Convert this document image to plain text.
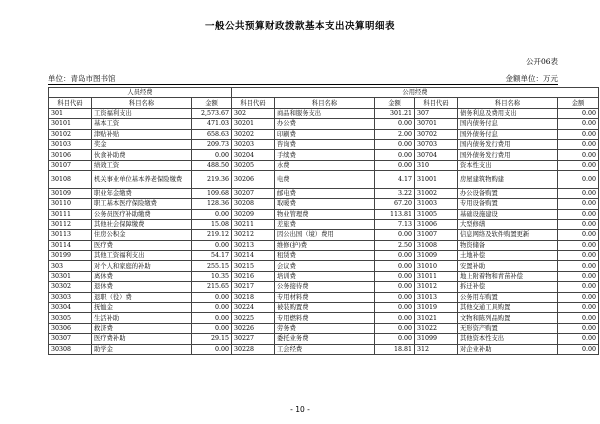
一般公共预算财政拨款基本支出决算明细表
公开06表
单位：青岛市图书馆	金额单位：万元
人员经费			公用经费					
科目代码	科目名称	金额	科目代码	科目名称	金额	科目代码	科目名称	金额
301	工资福利支出	2,573.67	302	商品和服务支出	301.21	307	债务利息及费用支出	0.00
30101	基本工资	471.03	30201	办公费	0.00	30701	国内债务付息	0.00
30102	津贴补贴	658.63	30202	印刷费	2.00	30702	国外债务付息	0.00
30103	奖金	209.73	30203	咨询费	0.00	30703	国内债务发行费用	0.00
30106	伙食补助费	0.00	30204	手续费	0.00	30704	国外债务发行费用	0.00
30107	绩效工资	488.50	30205	水费	0.00	310	资本性支出	0.00
30108	机关事业单位基本养老保险缴费	219.36	30206	电费	4.17	31001	房屋建筑物购建	0.00
30109	职业年金缴费	109.68	30207	邮电费	3.22	31002	办公设备购置	0.00
30110	职工基本医疗保险缴费	128.36	30208	取暖费	67.20	31003	专用设备购置	0.00
30111	公务员医疗补助缴费	0.00	30209	物业管理费	113.81	31005	基础设施建设	0.00
30112	其他社会保障缴费	15.08	30211	差旅费	7.13	31006	大型修缮	0.00
30113	住房公积金	219.12	30212	因公出国（境）费用	0.00	31007	信息网络及软件购置更新	0.00
30114	医疗费	0.00	30213	维修(护)费	2.50	31008	物资储备	0.00
30199	其他工资福利支出	54.17	30214	租赁费	0.00	31009	土地补偿	0.00
303	对个人和家庭的补助	255.15	30215	会议费	0.00	31010	安置补助	0.00
30301	离休费	10.35	30216	培训费	0.00	31011	地上附着物和青苗补偿	0.00
30302	退休费	215.65	30217	公务接待费	0.00	31012	拆迁补偿	0.00
30303	退职（役）费	0.00	30218	专用材料费	0.00	31013	公务用车购置	0.00
30304	抚恤金	0.00	30224	被装购置费	0.00	31019	其他交通工具购置	0.00
30305	生活补助	0.00	30225	专用燃料费	0.00	31021	文物和陈列品购置	0.00
30306	救济费	0.00	30226	劳务费	0.00	31022	无形资产购置	0.00
30307	医疗费补助	29.15	30227	委托业务费	0.00	31099	其他资本性支出	0.00
30308	助学金	0.00	30228	工会经费	18.81	312	对企业补助	0.00
- 10 -
